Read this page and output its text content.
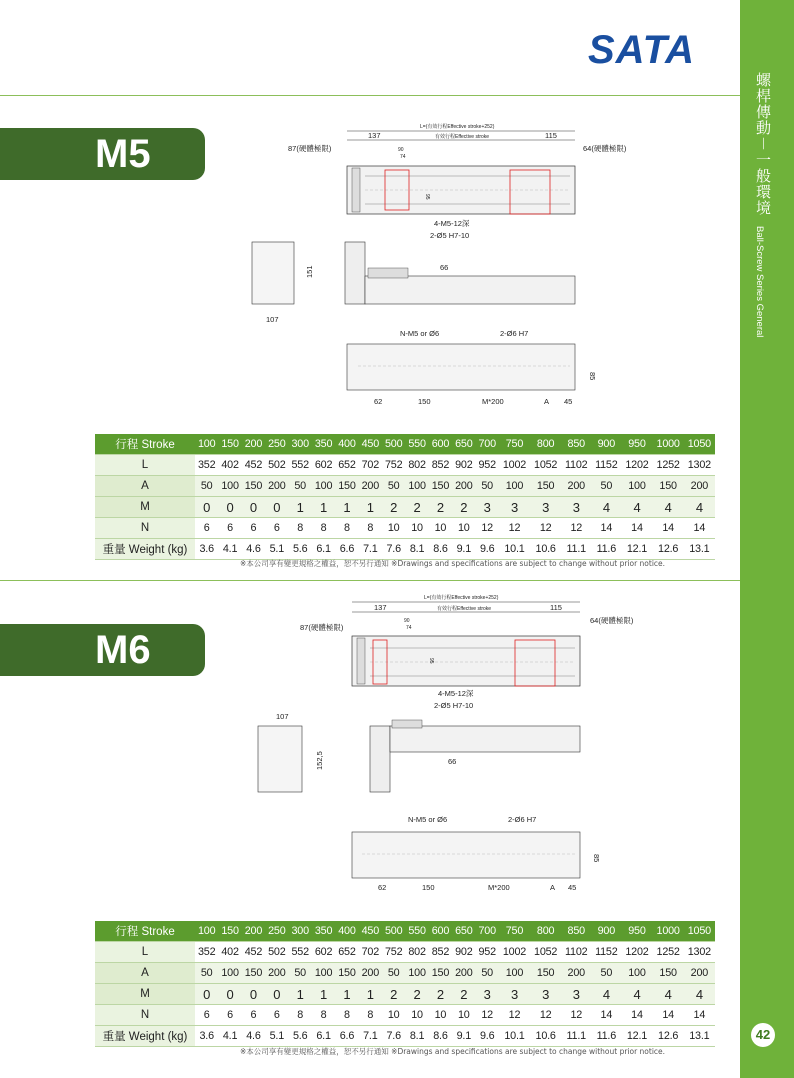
螺桿傳動－一般環境
Ball-Screw Series General
42
SATA
M5
L=(有效行程Effective stroke+252)
有效行程Effective stroke
137	115
90
74
87(硬體極限)	64(硬體極限)
95
4-M5-12深
2-Ø5 H7-10
151
107
66
N-M5 or Ø6	2-Ø6 H7
85
62	150	M*200	A 45
行程 Stroke	100	150	200	250	300	350	400	450	500	550	600	650	700	750	800	850	900	950	1000	1050
L	352	402	452	502	552	602	652	702	752	802	852	902	952	1002	1052	1102	1152	1202	1252	1302
A	50	100	150	200	50	100	150	200	50	100	150	200	50	100	150	200	50	100	150	200
M	0	0	0	0	1	1	1	1	2	2	2	2	3	3	3	3	4	4	4	4
N	6	6	6	6	8	8	8	8	10	10	10	10	12	12	12	12	14	14	14	14
重量 Weight (kg)	3.6	4.1	4.6	5.1	5.6	6.1	6.6	7.1	7.6	8.1	8.6	9.1	9.6	10.1	10.6	11.1	11.6	12.1	12.6	13.1
※本公司享有變更規格之權益，恕不另行通知 ※Drawings and specifications are subject to change without prior notice.
M6
L=(有效行程Effective stroke+252)
有效行程Effective stroke
137	115
90
74
87(硬體極限)
64(硬體極限)
95
4-M5-12深
2-Ø5 H7-10
107
152,5	66
N-M5 or Ø6	2-Ø6 H7
85
62	150	M*200	A 45
行程 Stroke	100	150	200	250	300	350	400	450	500	550	600	650	700	750	800	850	900	950	1000	1050
L	352	402	452	502	552	602	652	702	752	802	852	902	952	1002	1052	1102	1152	1202	1252	1302
A	50	100	150	200	50	100	150	200	50	100	150	200	50	100	150	200	50	100	150	200
M	0	0	0	0	1	1	1	1	2	2	2	2	3	3	3	3	4	4	4	4
N	6	6	6	6	8	8	8	8	10	10	10	10	12	12	12	12	14	14	14	14
重量 Weight (kg)	3.6	4.1	4.6	5.1	5.6	6.1	6.6	7.1	7.6	8.1	8.6	9.1	9.6	10.1	10.6	11.1	11.6	12.1	12.6	13.1
※本公司享有變更規格之權益，恕不另行通知 ※Drawings and specifications are subject to change without prior notice.
